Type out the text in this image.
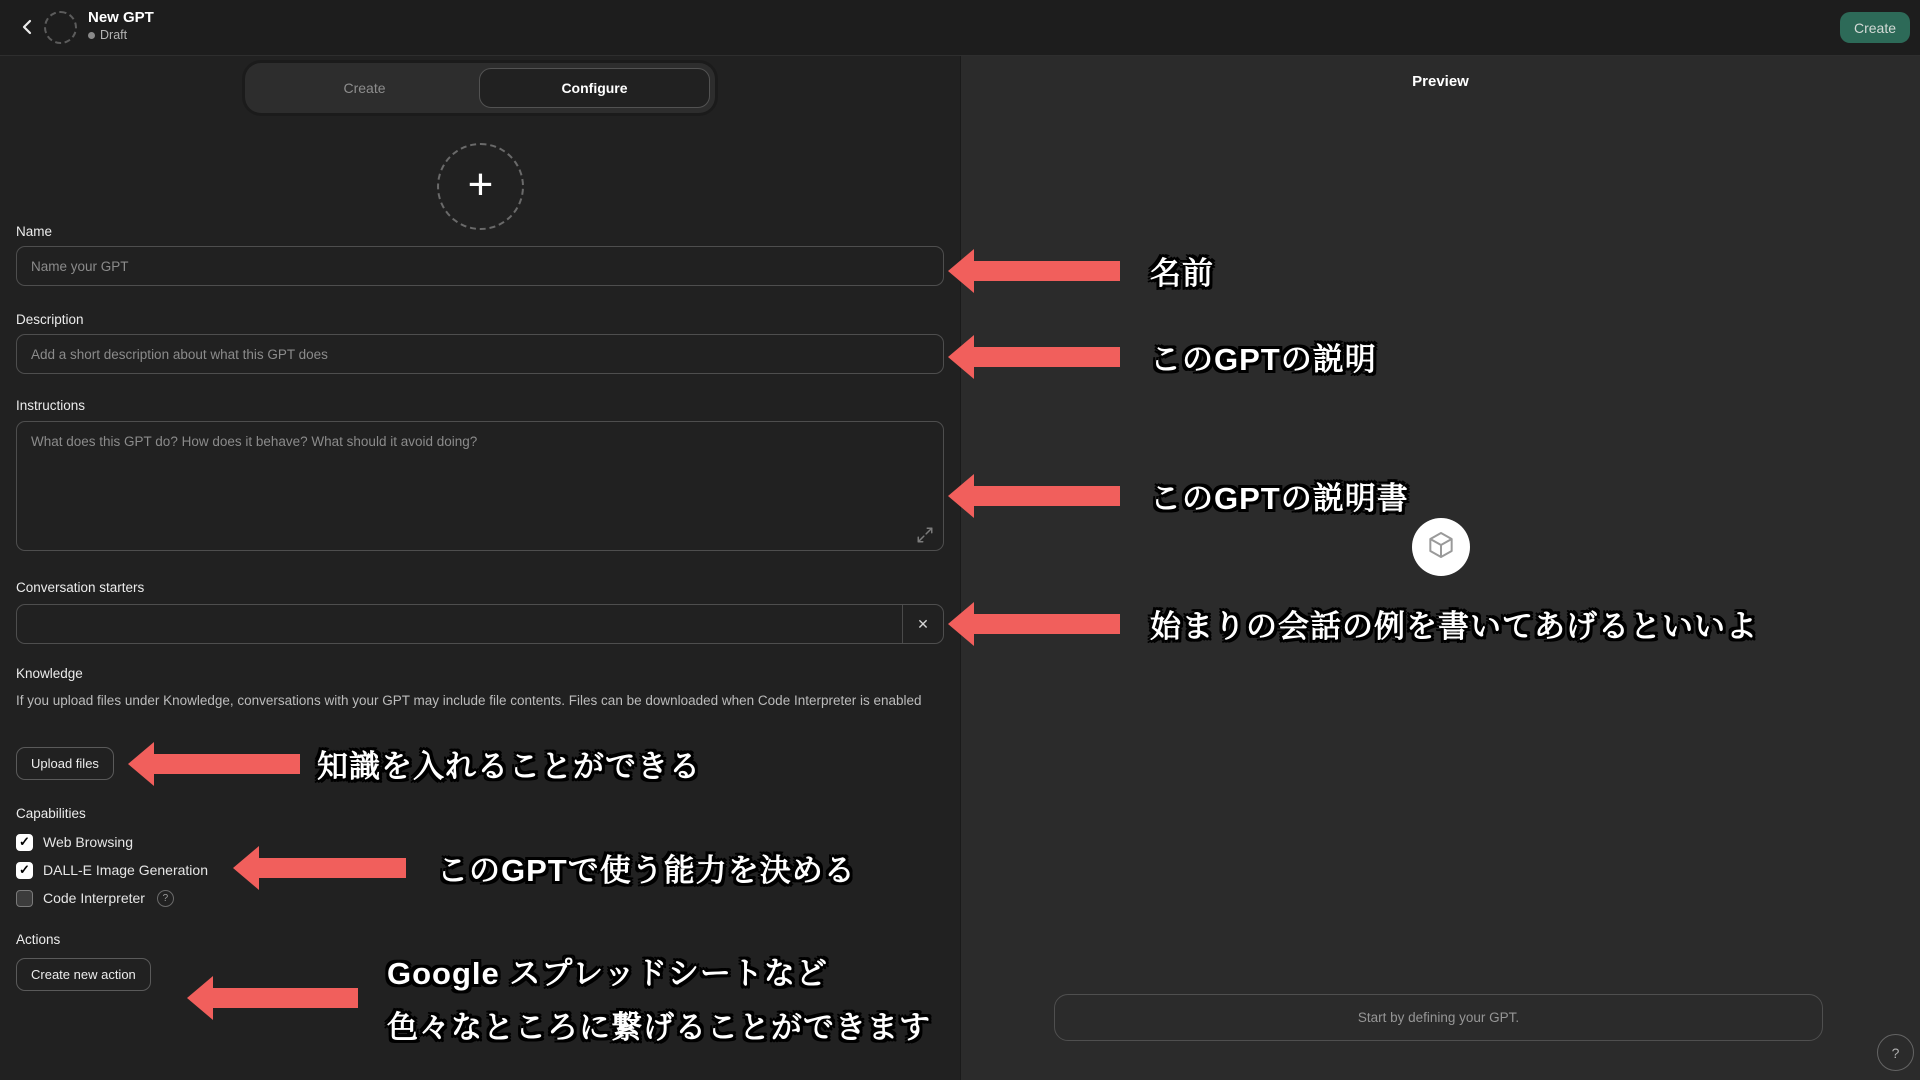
New GPT
Draft	Create
Create	Configure
+
Name
Name your GPT
Description
Add a short description about what this GPT does
Instructions
What does this GPT do? How does it behave? What should it avoid doing?
Conversation starters
✕
Knowledge

If you upload files under Knowledge, conversations with your GPT may include file contents. Files can be downloaded when Code Interpreter is enabled

Upload files
Capabilities
✓ Web Browsing
✓ DALL-E Image Generation
Code Interpreter	?
Actions
Create new action
Preview
Start by defining your GPT.
?
名前
このGPTの説明
このGPTの説明書
始まりの会話の例を書いてあげるといいよ
知識を入れることができる
このGPTで使う能力を決める
Google スプレッドシートなど
色々なところに繋げることができます
